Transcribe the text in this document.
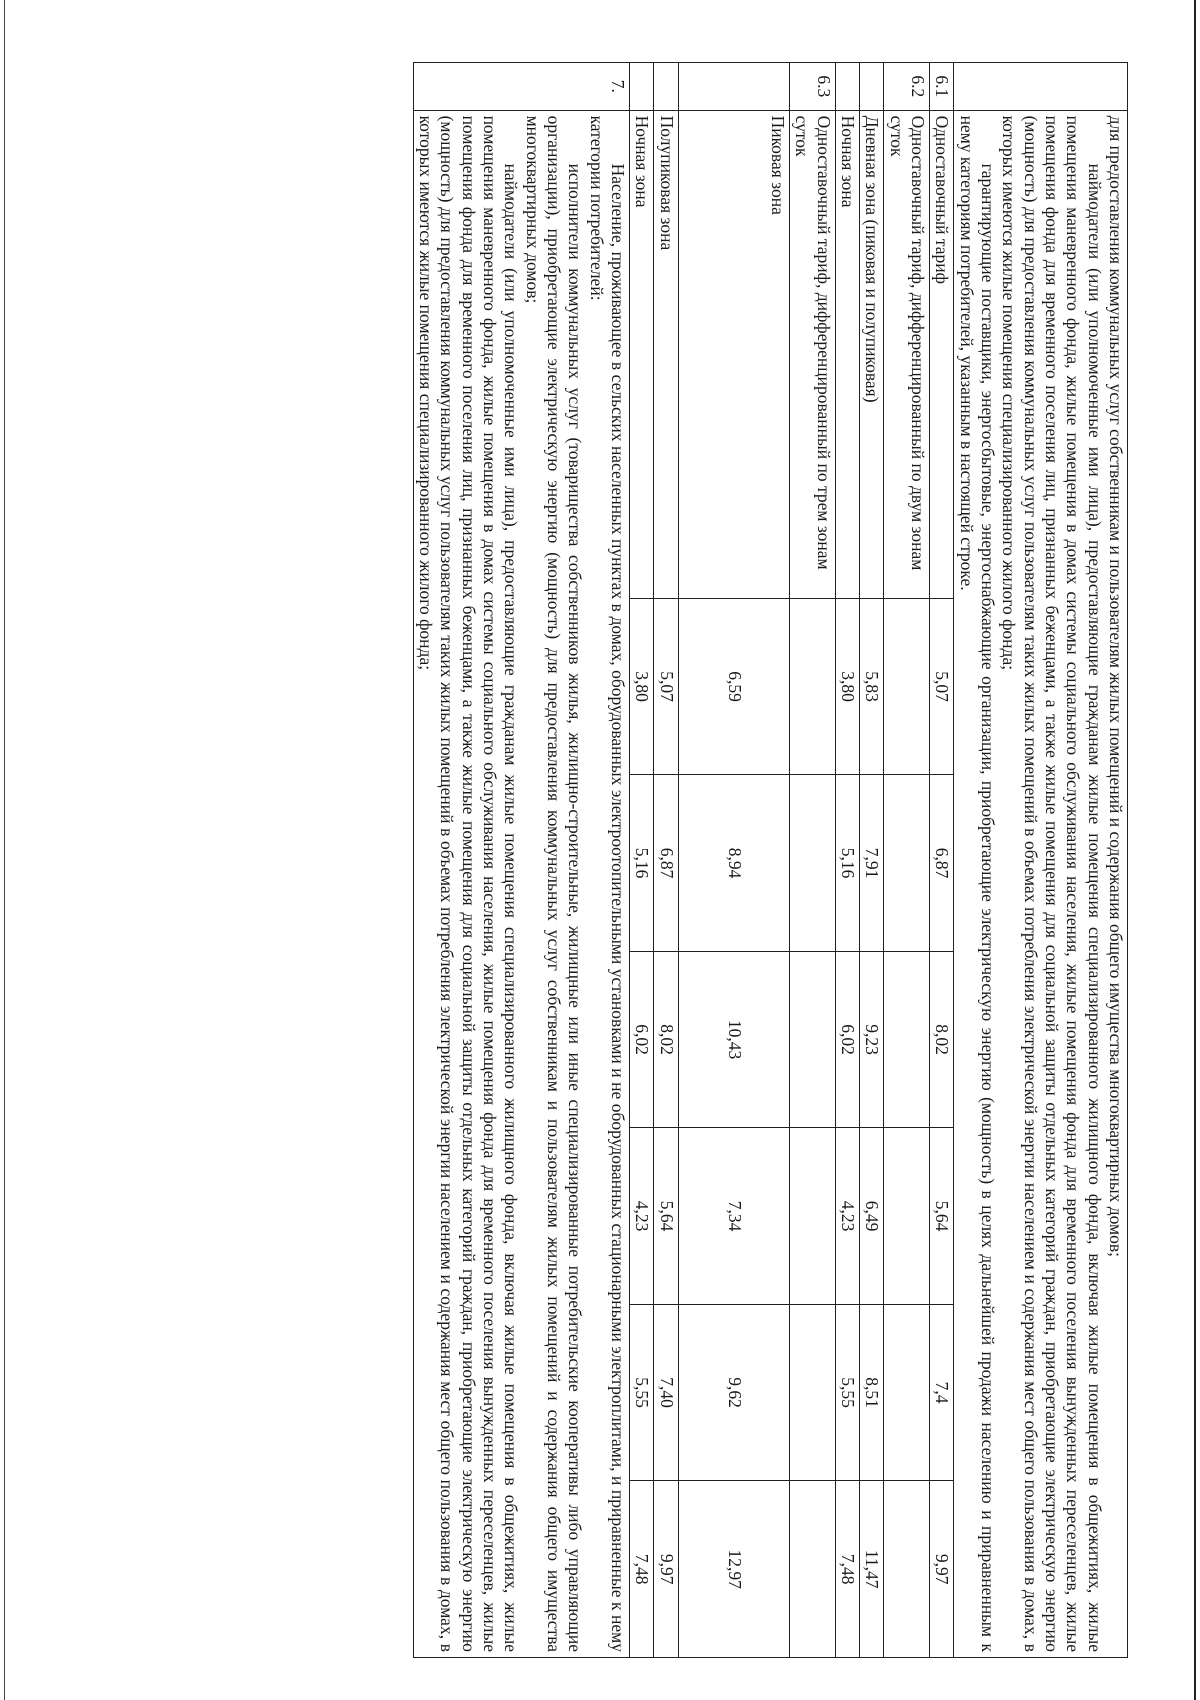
	для предоставления коммунальных услуг собственникам и пользователям жилых помещений и содержания общего имущества многоквартирных домов;

наймодатели (или уполномоченные ими лица), предоставляющие гражданам жилые помещения специализированного жилищного фонда, включая жилые помещения в общежитиях, жилые помещения маневренного фонда, жилые помещения в домах системы социального обслуживания населения, жилые помещения фонда для временного поселения вынужденных переселенцев, жилые помещения фонда для временного поселения лиц, признанных беженцами, а также жилые помещения для социальной защиты отдельных категорий граждан, приобретающие электрическую энергию (мощность) для предоставления коммунальных услуг пользователям таких жилых помещений в объемах потребления электрической энергии населением и содержания мест общего пользования в домах, в которых имеются жилые помещения специализированного жилого фонда;

гарантирующие поставщики, энергосбытовые, энергоснабжающие организации, приобретающие электрическую энергию (мощность) в целях дальнейшей продажи населению и приравненным к нему категориям потребителей, указанным в настоящей строке.						

6.1	Одноставочный тариф	5,07	6,87	8,02	5,64	7,4	9,97
6.2	Одноставочный тариф, дифференцированный по двум зонам суток						
	Дневная зона (пиковая и полупиковая)	5,83	7,91	9,23	6,49	8,51	11,47
	Ночная зона	3,80	5,16	6,02	4,23	5,55	7,48
6.3	Одноставочный тариф, дифференцированный по трем зонам суток						
	Пиковая зона	6,59	8,94	10,43	7,34	9,62	12,97
	Полупиковая зона	5,07	6,87	8,02	5,64	7,40	9,97
	Ночная зона	3,80	5,16	6,02	4,23	5,55	7,48
7.	Население, проживающее в сельских населенных пунктах в домах, оборудованных электроотопительными установками и не оборудованных стационарными электроплитами, и приравненные к нему категории потребителей:

исполнители коммунальных услуг (товарищества собственников жилья, жилищно-строительные, жилищные или иные специализированные потребительские кооперативы либо управляющие организации), приобретающие электрическую энергию (мощность) для предоставления коммунальных услуг собственникам и пользователям жилых помещений и содержания общего имущества многоквартирных домов;

наймодатели (или уполномоченные ими лица), предоставляющие гражданам жилые помещения специализированного жилищного фонда, включая жилые помещения в общежитиях, жилые помещения маневренного фонда, жилые помещения в домах системы социального обслуживания населения, жилые помещения фонда для временного поселения вынужденных переселенцев, жилые помещения фонда для временного поселения лиц, признанных беженцами, а также жилые помещения для социальной защиты отдельных категорий граждан, приобретающие электрическую энергию (мощность) для предоставления коммунальных услуг пользователям таких жилых помещений в объемах потребления электрической энергии населением и содержания мест общего пользования в домах, в которых имеются жилые помещения специализированного жилого фонда;						
